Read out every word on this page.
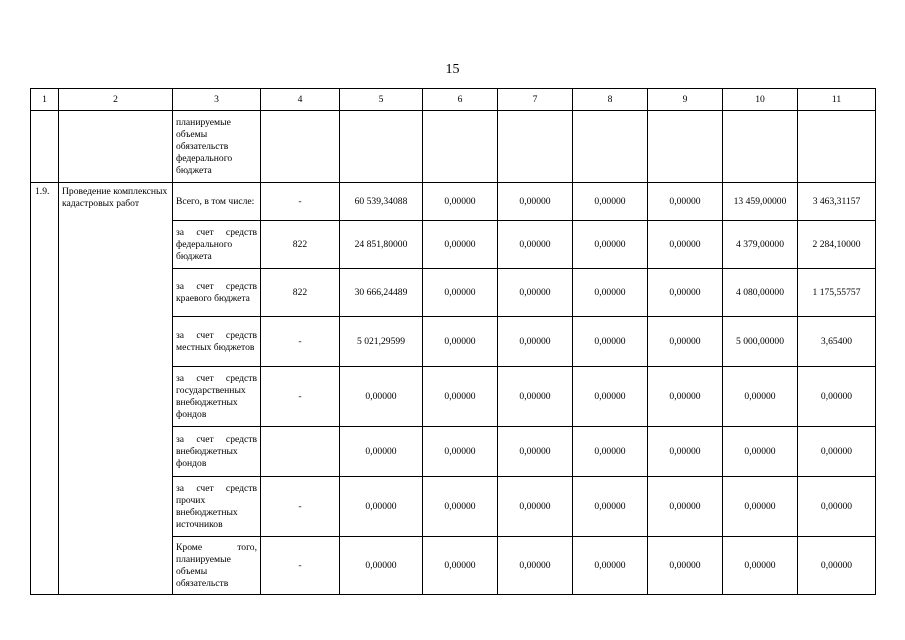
15
1	2	3	4	5	6	7	8	9	10	11
		планируемые объемы обязательств федерального бюджета								
1.9.	Проведение комплексных кадастровых работ	Всего, в том числе:	-	60 539,34088	0,00000	0,00000	0,00000	0,00000	13 459,00000	3 463,31157
		за счет средств федерального бюджета	822	24 851,80000	0,00000	0,00000	0,00000	0,00000	4 379,00000	2 284,10000
		за счет средств краевого бюджета	822	30 666,24489	0,00000	0,00000	0,00000	0,00000	4 080,00000	1 175,55757
		за счет средств местных бюджетов	-	5 021,29599	0,00000	0,00000	0,00000	0,00000	5 000,00000	3,65400
		за счет средств государственных внебюджетных фондов	-	0,00000	0,00000	0,00000	0,00000	0,00000	0,00000	0,00000
		за счет средств внебюджетных фондов		0,00000	0,00000	0,00000	0,00000	0,00000	0,00000	0,00000
		за счет средств прочих внебюджетных источников	-	0,00000	0,00000	0,00000	0,00000	0,00000	0,00000	0,00000
		Кроме того, планируемые объемы обязательств	-	0,00000	0,00000	0,00000	0,00000	0,00000	0,00000	0,00000
